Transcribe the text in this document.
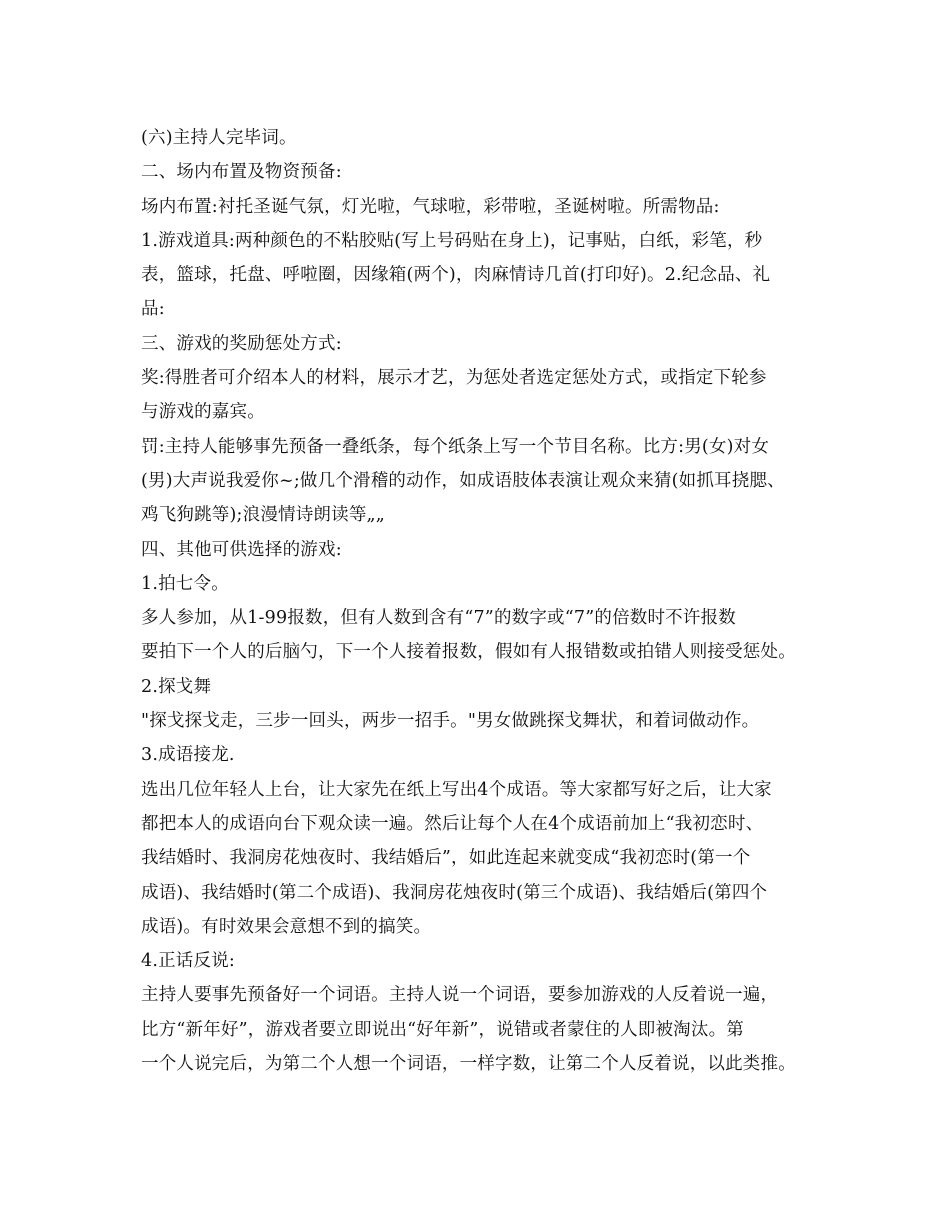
(六)主持人完毕词。
二、场内布置及物资预备:
场内布置:衬托圣诞气氛，灯光啦，气球啦，彩带啦，圣诞树啦。所需物品:
1.游戏道具:两种颜色的不粘胶贴(写上号码贴在身上)，记事贴，白纸，彩笔，秒
表，篮球，托盘、呼啦圈，因缘箱(两个)，肉麻情诗几首(打印好)。2.纪念品、礼
品:
三、游戏的奖励惩处方式:
奖:得胜者可介绍本人的材料，展示才艺，为惩处者选定惩处方式，或指定下轮参
与游戏的嘉宾。
罚:主持人能够事先预备一叠纸条，每个纸条上写一个节目名称。比方:男(女)对女
(男)大声说我爱你~;做几个滑稽的动作，如成语肢体表演让观众来猜(如抓耳挠腮、
鸡飞狗跳等);浪漫情诗朗读等„„
四、其他可供选择的游戏:
1.拍七令。
多人参加，从1-99报数，但有人数到含有“7”的数字或“7”的倍数时不许报数
要拍下一个人的后脑勺，下一个人接着报数，假如有人报错数或拍错人则接受惩处。
2.探戈舞
"探戈探戈走，三步一回头，两步一招手。"男女做跳探戈舞状，和着词做动作。
3.成语接龙.
选出几位年轻人上台，让大家先在纸上写出4个成语。等大家都写好之后，让大家
都把本人的成语向台下观众读一遍。然后让每个人在4个成语前加上“我初恋时、
我结婚时、我洞房花烛夜时、我结婚后”，如此连起来就变成“我初恋时(第一个
成语)、我结婚时(第二个成语)、我洞房花烛夜时(第三个成语)、我结婚后(第四个
成语)。有时效果会意想不到的搞笑。
4.正话反说:
主持人要事先预备好一个词语。主持人说一个词语，要参加游戏的人反着说一遍，
比方“新年好”，游戏者要立即说出“好年新”，说错或者蒙住的人即被淘汰。第
一个人说完后，为第二个人想一个词语，一样字数，让第二个人反着说，以此类推。
